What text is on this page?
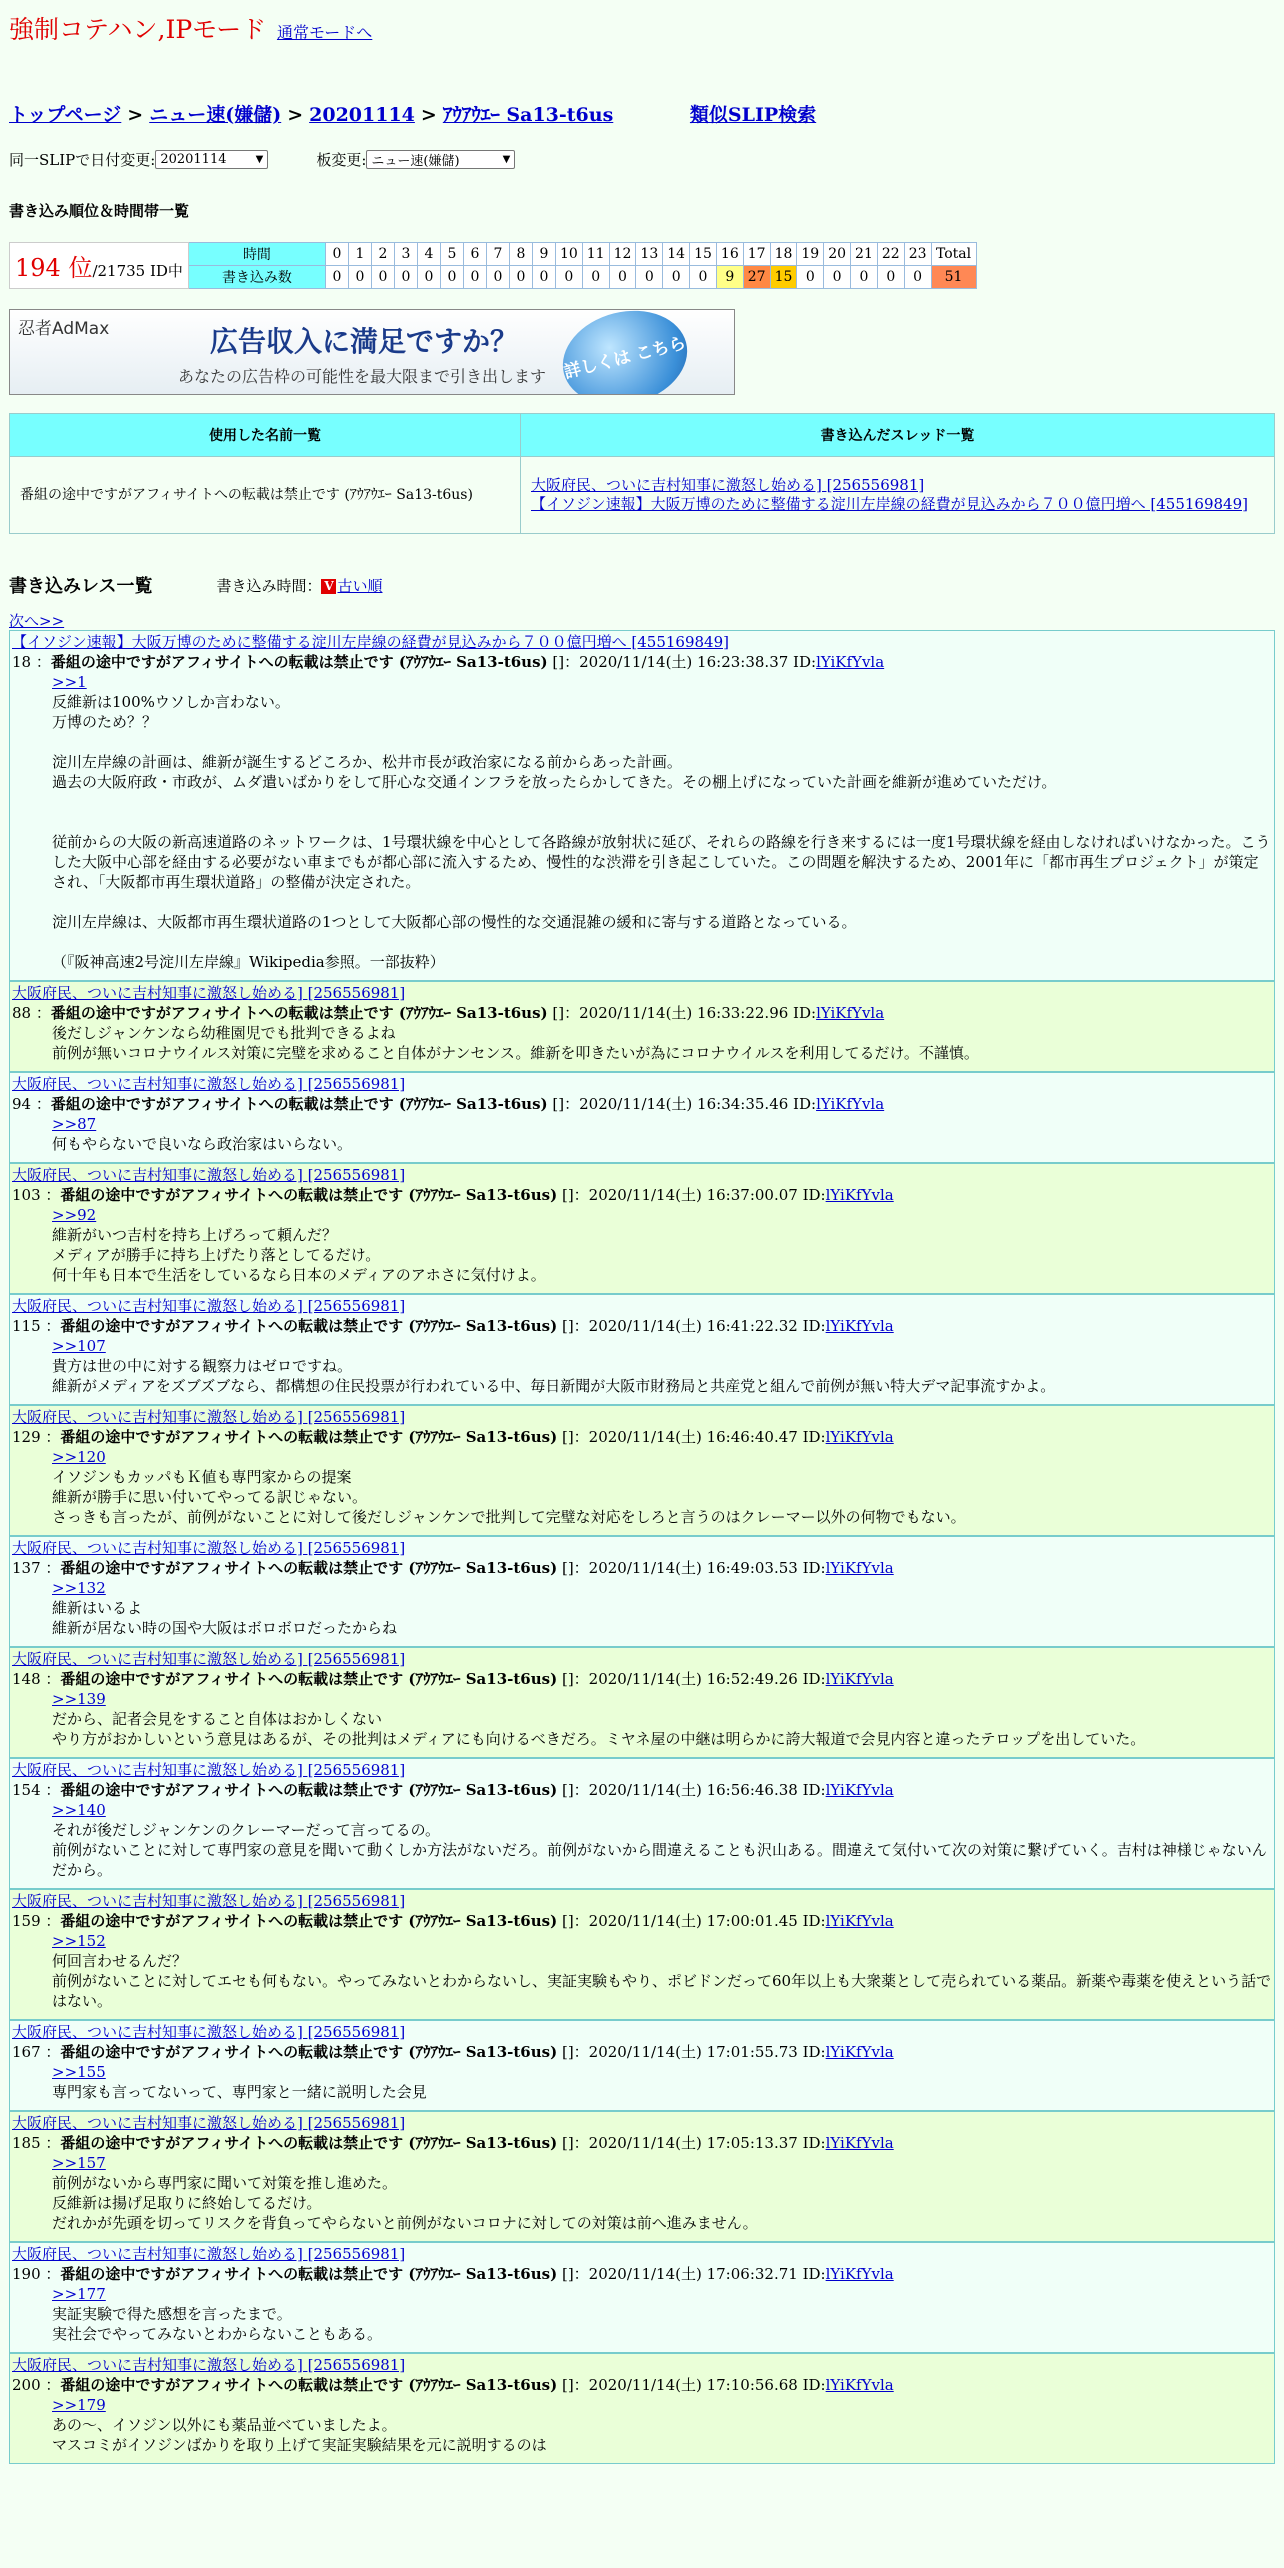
強制コテハン,IPモード 通常モードへ
トップページ > ニュー速(嫌儲) > 20201114 > ｱｳｱｳｴｰ Sa13-t6us	類似SLIP検索
同一SLIPで日付変更: 20201114	▼	板変更: ニュー速(嫌儲)	▼
書き込み順位＆時間帯一覧
194 位/21735 ID中	時間	0	1	2	3	4	5	6	7	8	9	10	11	12	13	14	15	16	17	18	19	20	21	22	23	Total
	書き込み数	0	0	0	0	0	0	0	0	0	0	0	0	0	0	0	0	9	27	15	0	0	0	0	0	51
忍者AdMax	広告収入に満足ですか？
あなたの広告枠の可能性を最大限まで引き出します 詳しくは こちら
使用した名前一覧	書き込んだスレッド一覧
番組の途中ですがアフィサイトへの転載は禁止です (ｱｳｱｳｴｰ Sa13-t6us)	大阪府民、ついに吉村知事に激怒し始める] [256556981]
【イソジン速報】大阪万博のために整備する淀川左岸線の経費が見込みから７００億円増へ [455169849]
書き込みレス一覧	書き込み時間： V 古い順
次へ>>
【イソジン速報】大阪万博のために整備する淀川左岸線の経費が見込みから７００億円増へ [455169849]
18 ：番組の途中ですがアフィサイトへの転載は禁止です (ｱｳｱｳｴｰ Sa13-t6us) []：2020/11/14(土) 16:23:38.37 ID:lYiKfYvla
>>1

反維新は100%ウソしか言わない。

万博のため？？

淀川左岸線の計画は、維新が誕生するどころか、松井市長が政治家になる前からあった計画。

過去の大阪府政・市政が、ムダ遣いばかりをして肝心な交通インフラを放ったらかしてきた。その棚上げになっていた計画を維新が進めていただけ。

従前からの大阪の新高速道路のネットワークは、1号環状線を中心として各路線が放射状に延び、それらの路線を行き来するには一度1号環状線を経由しなければいけなかった。こうした大阪中心部を経由する必要がない車までもが都心部に流入するため、慢性的な渋滞を引き起こしていた。この問題を解決するため、2001年に「都市再生プロジェクト」が策定され、「大阪都市再生環状道路」の整備が決定された。

淀川左岸線は、大阪都市再生環状道路の1つとして大阪都心部の慢性的な交通混雑の緩和に寄与する道路となっている。

（『阪神高速2号淀川左岸線』Wikipedia参照。一部抜粋）

大阪府民、ついに吉村知事に激怒し始める] [256556981]
88 ：番組の途中ですがアフィサイトへの転載は禁止です (ｱｳｱｳｴｰ Sa13-t6us) []：2020/11/14(土) 16:33:22.96 ID:lYiKfYvla

後だしジャンケンなら幼稚園児でも批判できるよね

前例が無いコロナウイルス対策に完璧を求めること自体がナンセンス。維新を叩きたいが為にコロナウイルスを利用してるだけ。不謹慎。

大阪府民、ついに吉村知事に激怒し始める] [256556981]
94 ：番組の途中ですがアフィサイトへの転載は禁止です (ｱｳｱｳｴｰ Sa13-t6us) []：2020/11/14(土) 16:34:35.46 ID:lYiKfYvla
>>87

何もやらないで良いなら政治家はいらない。

大阪府民、ついに吉村知事に激怒し始める] [256556981]
103 ：番組の途中ですがアフィサイトへの転載は禁止です (ｱｳｱｳｴｰ Sa13-t6us) []：2020/11/14(土) 16:37:00.07 ID:lYiKfYvla
>>92

維新がいつ吉村を持ち上げろって頼んだ？

メディアが勝手に持ち上げたり落としてるだけ。

何十年も日本で生活をしているなら日本のメディアのアホさに気付けよ。

大阪府民、ついに吉村知事に激怒し始める] [256556981]
115 ：番組の途中ですがアフィサイトへの転載は禁止です (ｱｳｱｳｴｰ Sa13-t6us) []：2020/11/14(土) 16:41:22.32 ID:lYiKfYvla
>>107

貴方は世の中に対する観察力はゼロですね。

維新がメディアをズブズブなら、都構想の住民投票が行われている中、毎日新聞が大阪市財務局と共産党と組んで前例が無い特大デマ記事流すかよ。

大阪府民、ついに吉村知事に激怒し始める] [256556981]
129 ：番組の途中ですがアフィサイトへの転載は禁止です (ｱｳｱｳｴｰ Sa13-t6us) []：2020/11/14(土) 16:46:40.47 ID:lYiKfYvla
>>120

イソジンもカッパもＫ値も専門家からの提案

維新が勝手に思い付いてやってる訳じゃない。

さっきも言ったが、前例がないことに対して後だしジャンケンで批判して完璧な対応をしろと言うのはクレーマー以外の何物でもない。

大阪府民、ついに吉村知事に激怒し始める] [256556981]
137 ：番組の途中ですがアフィサイトへの転載は禁止です (ｱｳｱｳｴｰ Sa13-t6us) []：2020/11/14(土) 16:49:03.53 ID:lYiKfYvla
>>132

維新はいるよ

維新が居ない時の国や大阪はボロボロだったからね

大阪府民、ついに吉村知事に激怒し始める] [256556981]
148 ：番組の途中ですがアフィサイトへの転載は禁止です (ｱｳｱｳｴｰ Sa13-t6us) []：2020/11/14(土) 16:52:49.26 ID:lYiKfYvla
>>139

だから、記者会見をすること自体はおかしくない

やり方がおかしいという意見はあるが、その批判はメディアにも向けるべきだろ。ミヤネ屋の中継は明らかに誇大報道で会見内容と違ったテロップを出していた。

大阪府民、ついに吉村知事に激怒し始める] [256556981]
154 ：番組の途中ですがアフィサイトへの転載は禁止です (ｱｳｱｳｴｰ Sa13-t6us) []：2020/11/14(土) 16:56:46.38 ID:lYiKfYvla
>>140

それが後だしジャンケンのクレーマーだって言ってるの。

前例がないことに対して専門家の意見を聞いて動くしか方法がないだろ。前例がないから間違えることも沢山ある。間違えて気付いて次の対策に繋げていく。吉村は神様じゃないんだから。

大阪府民、ついに吉村知事に激怒し始める] [256556981]
159 ：番組の途中ですがアフィサイトへの転載は禁止です (ｱｳｱｳｴｰ Sa13-t6us) []：2020/11/14(土) 17:00:01.45 ID:lYiKfYvla
>>152

何回言わせるんだ？

前例がないことに対してエセも何もない。やってみないとわからないし、実証実験もやり、ポビドンだって60年以上も大衆薬として売られている薬品。新薬や毒薬を使えという話ではない。

大阪府民、ついに吉村知事に激怒し始める] [256556981]
167 ：番組の途中ですがアフィサイトへの転載は禁止です (ｱｳｱｳｴｰ Sa13-t6us) []：2020/11/14(土) 17:01:55.73 ID:lYiKfYvla
>>155

専門家も言ってないって、専門家と一緒に説明した会見

大阪府民、ついに吉村知事に激怒し始める] [256556981]
185 ：番組の途中ですがアフィサイトへの転載は禁止です (ｱｳｱｳｴｰ Sa13-t6us) []：2020/11/14(土) 17:05:13.37 ID:lYiKfYvla
>>157

前例がないから専門家に聞いて対策を推し進めた。

反維新は揚げ足取りに終始してるだけ。

だれかが先頭を切ってリスクを背負ってやらないと前例がないコロナに対しての対策は前へ進みません。

大阪府民、ついに吉村知事に激怒し始める] [256556981]
190 ：番組の途中ですがアフィサイトへの転載は禁止です (ｱｳｱｳｴｰ Sa13-t6us) []：2020/11/14(土) 17:06:32.71 ID:lYiKfYvla
>>177

実証実験で得た感想を言ったまで。

実社会でやってみないとわからないこともある。

大阪府民、ついに吉村知事に激怒し始める] [256556981]
200 ：番組の途中ですがアフィサイトへの転載は禁止です (ｱｳｱｳｴｰ Sa13-t6us) []：2020/11/14(土) 17:10:56.68 ID:lYiKfYvla
>>179

あの～、イソジン以外にも薬品並べていましたよ。

マスコミがイソジンばかりを取り上げて実証実験結果を元に説明するのは
